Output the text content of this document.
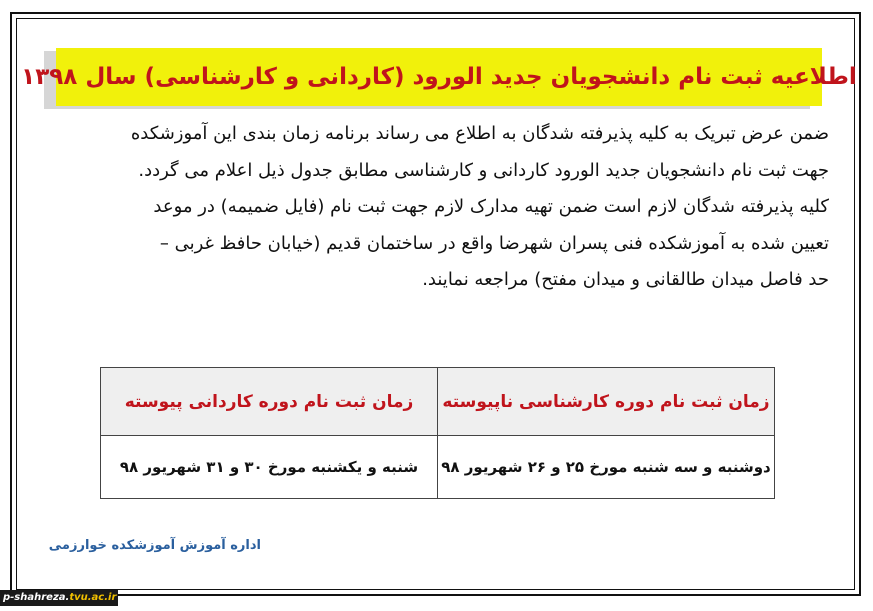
اطلاعیه ثبت نام دانشجویان جدید الورود (کاردانی و کارشناسی) سال ۱۳۹۸
ضمن عرض تبریک به کلیه پذیرفته شدگان به اطلاع می رساند برنامه زمان بندی این آموزشکده
جهت ثبت نام دانشجویان جدید الورود کاردانی و کارشناسی مطابق جدول ذیل اعلام می گردد.
کلیه پذیرفته شدگان لازم است ضمن تهیه مدارک لازم جهت ثبت نام (فایل ضمیمه) در موعد
تعیین شده به آموزشکده فنی پسران شهرضا واقع در ساختمان قدیم (خیابان حافظ غربی –
حد فاصل میدان طالقانی و میدان مفتح) مراجعه نمایند.
زمان ثبت نام دوره کارشناسی ناپیوسته	زمان ثبت نام دوره کاردانی پیوسته
دوشنبه و سه شنبه مورخ ۲۵ و ۲۶ شهریور ۹۸	شنبه و یکشنبه مورخ ۳۰ و ۳۱ شهریور ۹۸
اداره آموزش آموزشکده خوارزمی
p-shahreza.tvu.ac.ir
